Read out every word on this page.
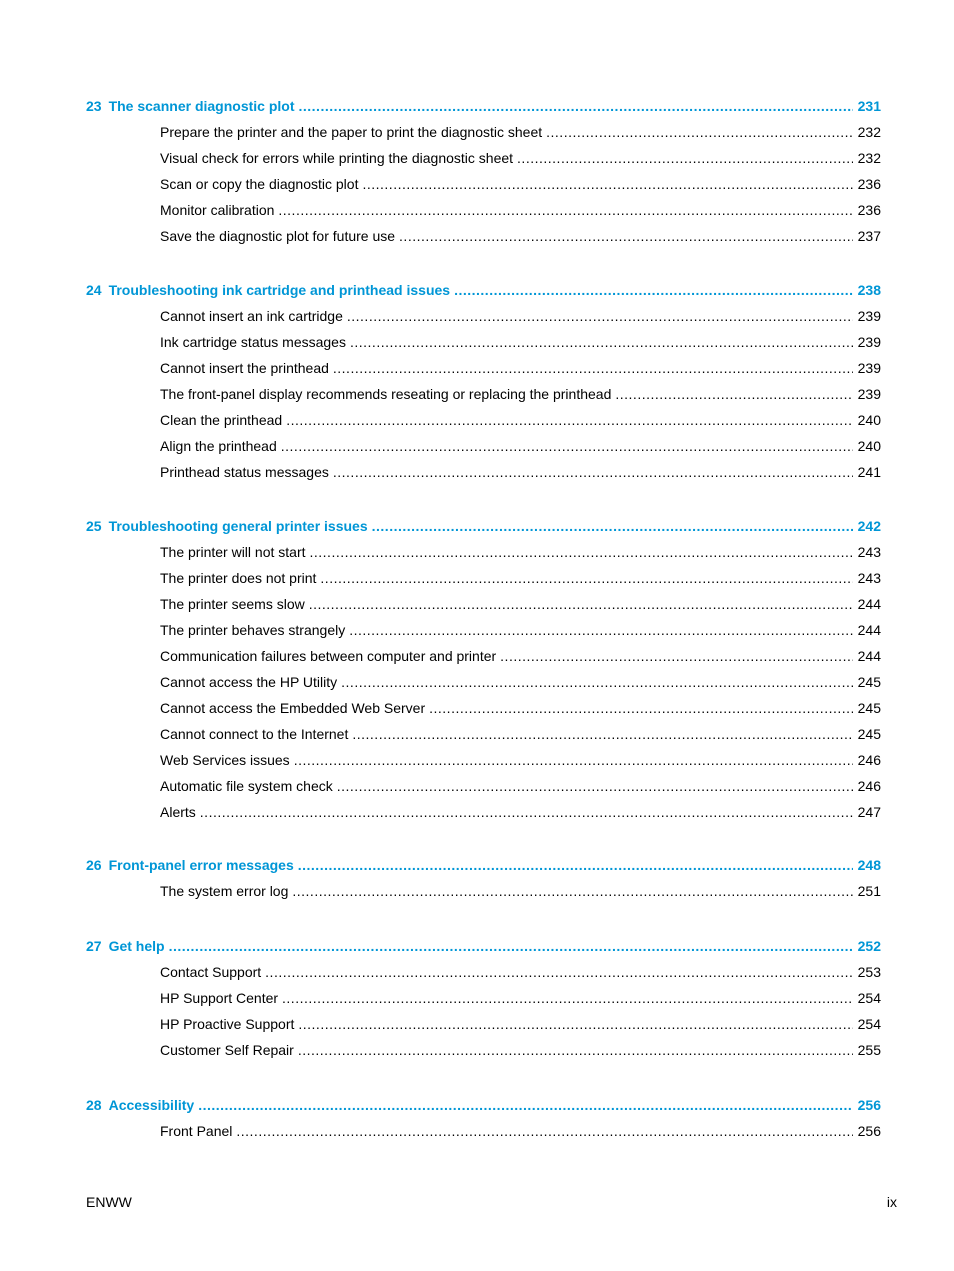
23 The scanner diagnostic plot .....	231
Prepare the printer and the paper to print the diagnostic sheet .....	232
Visual check for errors while printing the diagnostic sheet .....	232
Scan or copy the diagnostic plot .....	236
Monitor calibration .....	236
Save the diagnostic plot for future use .....	237
24 Troubleshooting ink cartridge and printhead issues .....	238
Cannot insert an ink cartridge .....	239
Ink cartridge status messages .....	239
Cannot insert the printhead .....	239
The front-panel display recommends reseating or replacing the printhead .....	239
Clean the printhead .....	240
Align the printhead .....	240
Printhead status messages .....	241
25 Troubleshooting general printer issues .....	242
The printer will not start .....	243
The printer does not print .....	243
The printer seems slow .....	244
The printer behaves strangely .....	244
Communication failures between computer and printer .....	244
Cannot access the HP Utility .....	245
Cannot access the Embedded Web Server .....	245
Cannot connect to the Internet .....	245
Web Services issues .....	246
Automatic file system check .....	246
Alerts .....	247
26 Front-panel error messages .....	248
The system error log .....	251
27 Get help .....	252
Contact Support .....	253
HP Support Center .....	254
HP Proactive Support .....	254
Customer Self Repair .....	255
28 Accessibility .....	256
Front Panel .....	256
ENWW	ix
